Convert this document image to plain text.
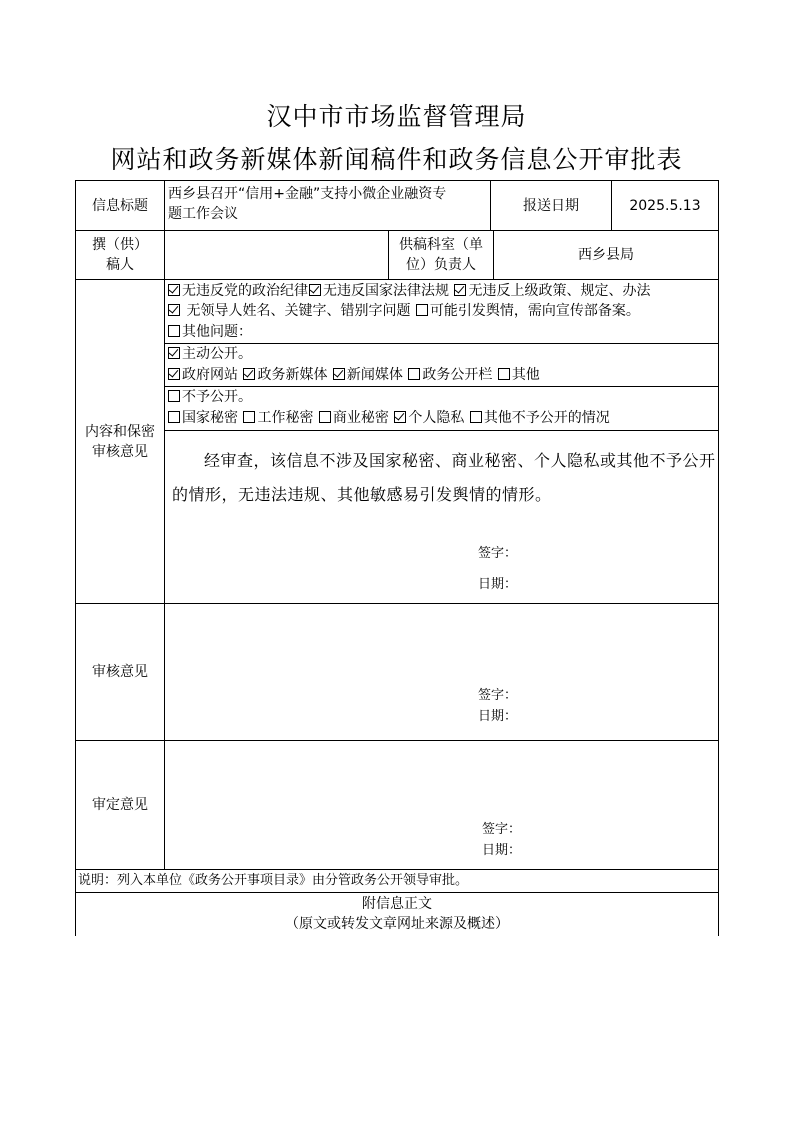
汉中市市场监督管理局
网站和政务新媒体新闻稿件和政务信息公开审批表
信息标题
西乡县召开“信用+金融”支持小微企业融资专
题工作会议
报送日期	2025.5.13
撰（供）
稿人
供稿科室（单
位）负责人
西乡县局
内容和保密
审核意见
无违反党的政治纪律 无违反国家法律法规 无违反上级政策、规定、办法
无领导人姓名、关键字、错别字问题 可能引发舆情，需向宣传部备案。
其他问题：
主动公开。
政府网站 政务新媒体 新闻媒体 政务公开栏 其他
不予公开。
国家秘密 工作秘密 商业秘密 个人隐私 其他不予公开的情况
经审查，该信息不涉及国家秘密、商业秘密、个人隐私或其他不予公开的情形，无违法违规、其他敏感易引发舆情的情形。
签字：
日期：
审核意见
签字：
日期：
审定意见
签字：
日期：
说明：列入本单位《政务公开事项目录》由分管政务公开领导审批。
附信息正文
（原文或转发文章网址来源及概述）
